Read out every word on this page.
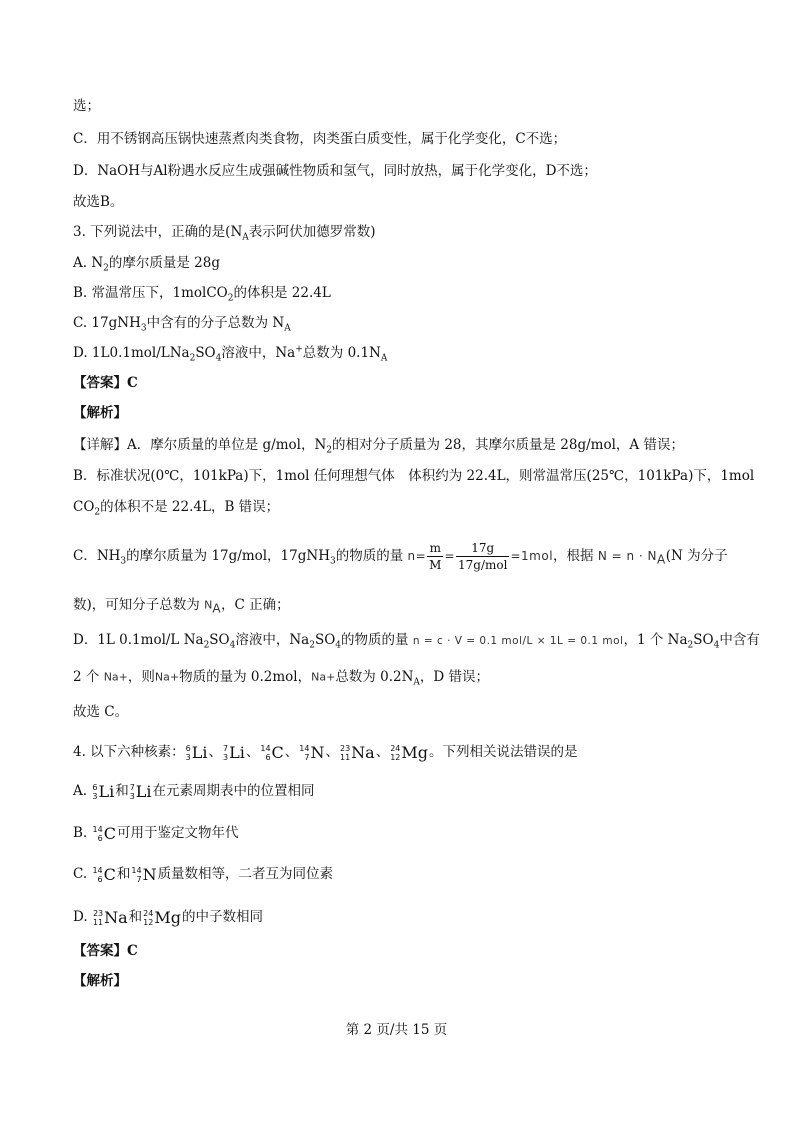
选；
C．用不锈钢高压锅快速蒸煮肉类食物，肉类蛋白质变性，属于化学变化，C不选；
D．NaOH与Al粉遇水反应生成强碱性物质和氢气，同时放热，属于化学变化，D不选；
故选B。
3. 下列说法中，正确的是($N_A$表示阿伏加德罗常数)
A. $N_2$的摩尔质量是 28g
B. 常温常压下，1molCO$_2$的体积是 22.4L
C. 17gNH$_3$中含有的分子总数为 $N_A$
D. $1L0.1mol/LNa_2SO_4$溶液中，Na+总数为 $0.1N_A$
【答案】C
【解析】
【详解】A．摩尔质量的单位是 g/mol，$N_2$的相对分子质量为 28，其摩尔质量是 28g/mol，A 错误；
B．标准状况(0℃，101kPa)下，1mol 任何理想气体　体积约为 22.4L，则常温常压(25℃，101kPa)下，1mol
$CO_2$的体积不是 22.4L，B 错误；
C．$NH_3$的摩尔质量为 17g/mol，17gNH$_3$的物质的量 $n= \frac{m}{M} = \frac{17g}{\text{17g/mol}} =1mol$，根据 $N = n \cdot N_A(N$ 为分子
数)，可知分子总数为 $N_A$，C 正确；
D．1L 0.1mol/L $Na_2SO_4$溶液中，$Na_2SO_4$的物质的量 n = c · V = 0.1 mol/L × 1L = 0.1 mol，1 个 $Na_2SO_4$中含有
2 个 Na+，则Na+物质的量为 0.2mol，Na+总数为 $0.2N_A$，D 错误；
故选 C。
4. 以下六种核素： 6
3 Li 、 7
3 Li 、 14
6 C 、 14
7 N 、 23
11 Na 、 24
12 Mg 。下列相关说法错误的是
A. 6
3 Li 和 7
3 Li 在元素周期表中的位置相同
B. 14
6 C 可用于鉴定文物年代
C. 14
6 C 和 14
7 N 质量数相等，二者互为同位素
D. 23
11 Na 和 24
12 Mg 的中子数相同
【答案】C
【解析】
第 2 页/共 15 页
